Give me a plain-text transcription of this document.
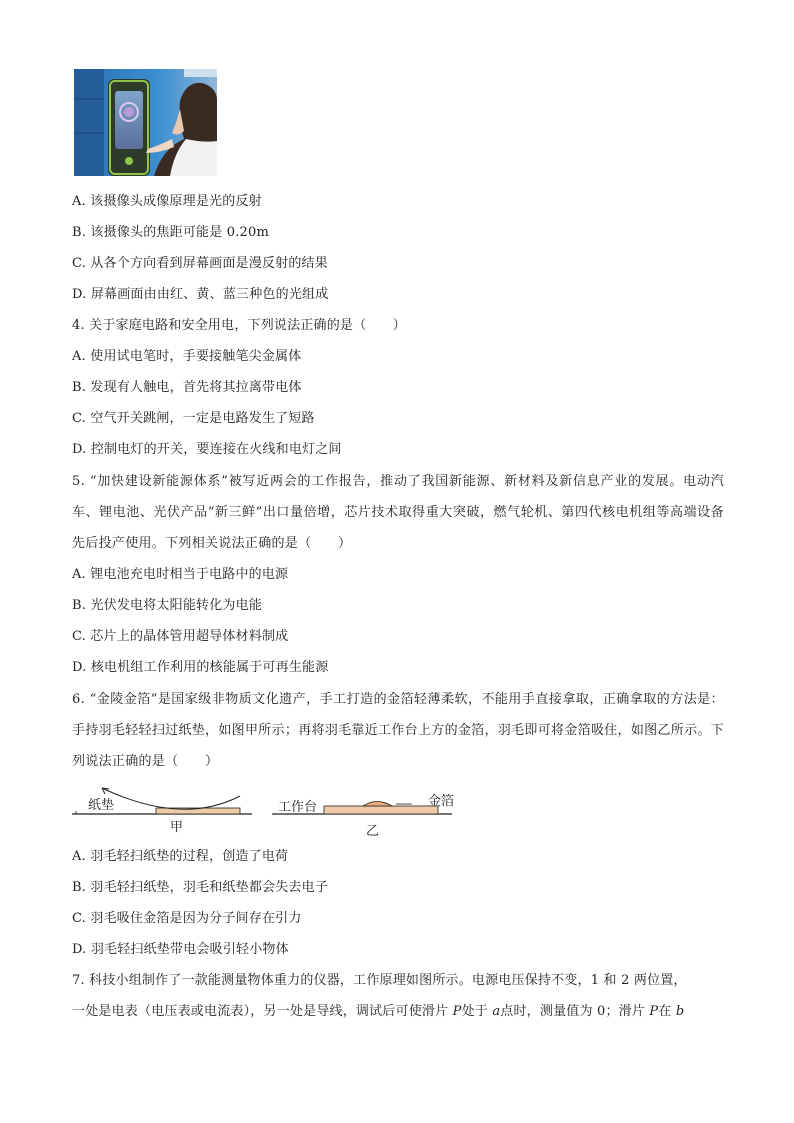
A. 该摄像头成像原理是光的反射
B. 该摄像头的焦距可能是 0.20m
C. 从各个方向看到屏幕画面是漫反射的结果
D. 屏幕画面由由红、黄、蓝三种色的光组成
4. 关于家庭电路和安全用电，下列说法正确的是（　　）
A. 使用试电笔时，手要接触笔尖金属体
B. 发现有人触电，首先将其拉离带电体
C. 空气开关跳闸，一定是电路发生了短路
D. 控制电灯的开关，要连接在火线和电灯之间
5. “加快建设新能源体系”被写近两会的工作报告，推动了我国新能源、新材料及新信息产业的发展。电动汽车、锂电池、光伏产品“新三鲜”出口量倍增，芯片技术取得重大突破，燃气轮机、第四代核电机组等高端设备先后投产使用。下列相关说法正确的是（　　）
A. 锂电池充电时相当于电路中的电源
B. 光伏发电将太阳能转化为电能
C. 芯片上的晶体管用超导体材料制成
D. 核电机组工作利用的核能属于可再生能源
6. “金陵金箔”是国家级非物质文化遗产，手工打造的金箔轻薄柔软，不能用手直接拿取，正确拿取的方法是：手持羽毛轻轻扫过纸垫，如图甲所示；再将羽毛靠近工作台上方的金箔，羽毛即可将金箔吸住，如图乙所示。下列说法正确的是（　　）
纸垫
甲
工作台	金箔
乙
A. 羽毛轻扫纸垫的过程，创造了电荷
B. 羽毛轻扫纸垫，羽毛和纸垫都会失去电子
C. 羽毛吸住金箔是因为分子间存在引力
D. 羽毛轻扫纸垫带电会吸引轻小物体
7. 科技小组制作了一款能测量物体重力的仪器，工作原理如图所示。电源电压保持不变，1 和 2 两位置，
一处是电表（电压表或电流表），另一处是导线，调试后可使滑片 P处于 a点时，测量值为 0；滑片 P在 b
